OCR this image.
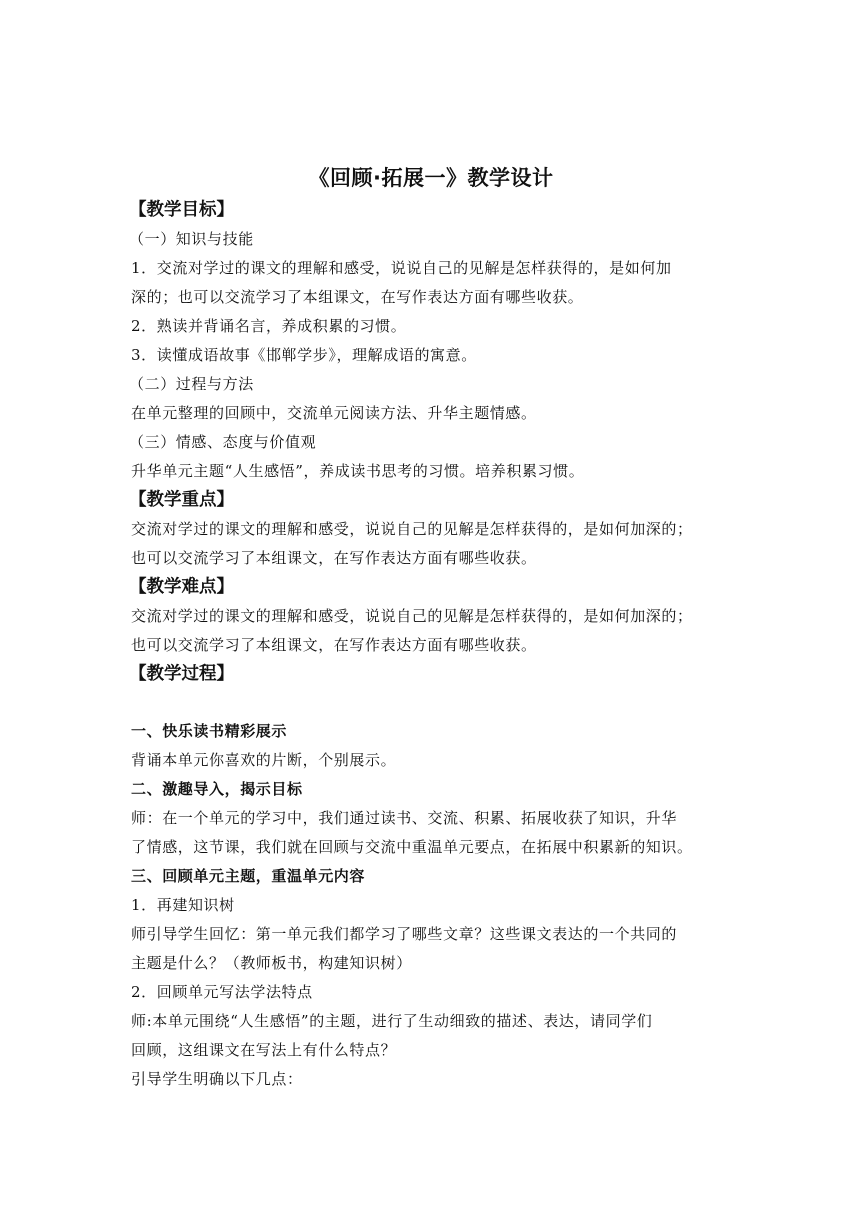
《回顾·拓展一》教学设计
【教学目标】
（一）知识与技能
1．交流对学过的课文的理解和感受，说说自己的见解是怎样获得的，是如何加
深的；也可以交流学习了本组课文，在写作表达方面有哪些收获。
2．熟读并背诵名言，养成积累的习惯。
3．读懂成语故事《邯郸学步》，理解成语的寓意。
（二）过程与方法
在单元整理的回顾中，交流单元阅读方法、升华主题情感。
（三）情感、态度与价值观
升华单元主题“人生感悟”，养成读书思考的习惯。培养积累习惯。
【教学重点】
交流对学过的课文的理解和感受，说说自己的见解是怎样获得的，是如何加深的；
也可以交流学习了本组课文，在写作表达方面有哪些收获。
【教学难点】
交流对学过的课文的理解和感受，说说自己的见解是怎样获得的，是如何加深的；
也可以交流学习了本组课文，在写作表达方面有哪些收获。
【教学过程】
一、快乐读书精彩展示
背诵本单元你喜欢的片断，个别展示。
二、激趣导入，揭示目标
师：在一个单元的学习中，我们通过读书、交流、积累、拓展收获了知识，升华
了情感，这节课，我们就在回顾与交流中重温单元要点，在拓展中积累新的知识。
三、回顾单元主题，重温单元内容
1．再建知识树
师引导学生回忆：第一单元我们都学习了哪些文章？这些课文表达的一个共同的
主题是什么？（教师板书，构建知识树）
2．回顾单元写法学法特点
师:本单元围绕“人生感悟”的主题，进行了生动细致的描述、表达，请同学们
回顾，这组课文在写法上有什么特点？
引导学生明确以下几点：
